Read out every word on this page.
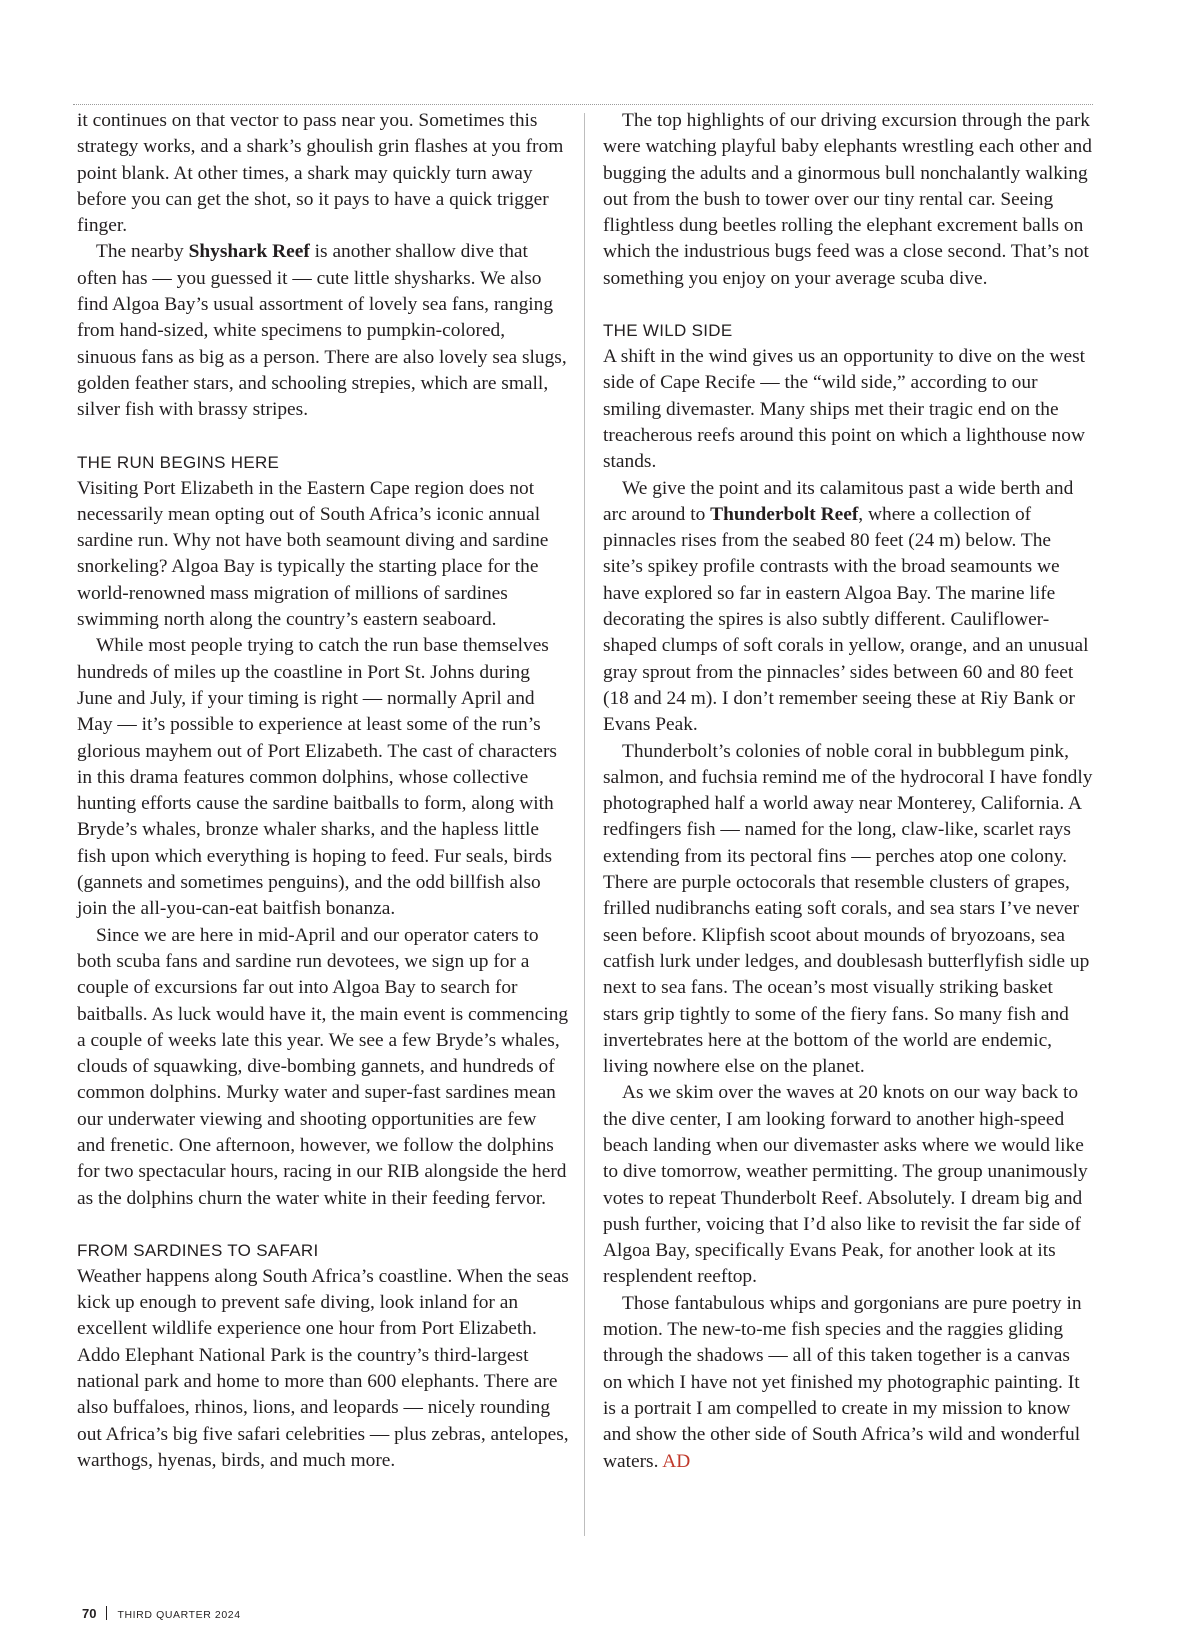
it continues on that vector to pass near you. Sometimes this strategy works, and a shark’s ghoulish grin flashes at you from point blank. At other times, a shark may quickly turn away before you can get the shot, so it pays to have a quick trigger finger.

The nearby Shyshark Reef is another shallow dive that often has — you guessed it — cute little shysharks. We also find Algoa Bay’s usual assortment of lovely sea fans, ranging from hand-sized, white specimens to pumpkin-colored, sinuous fans as big as a person. There are also lovely sea slugs, golden feather stars, and schooling strepies, which are small, silver fish with brassy stripes.

THE RUN BEGINS HERE

Visiting Port Elizabeth in the Eastern Cape region does not necessarily mean opting out of South Africa’s iconic annual sardine run. Why not have both seamount diving and sardine snorkeling? Algoa Bay is typically the starting place for the world-renowned mass migration of millions of sardines swimming north along the country’s eastern seaboard.

While most people trying to catch the run base themselves hundreds of miles up the coastline in Port St. Johns during June and July, if your timing is right — normally April and May — it’s possible to experience at least some of the run’s glorious mayhem out of Port Elizabeth. The cast of characters in this drama features common dolphins, whose collective hunting efforts cause the sardine baitballs to form, along with Bryde’s whales, bronze whaler sharks, and the hapless little fish upon which everything is hoping to feed. Fur seals, birds (gannets and sometimes penguins), and the odd billfish also join the all-you-can-eat baitfish bonanza.

Since we are here in mid-April and our operator caters to both scuba fans and sardine run devotees, we sign up for a couple of excursions far out into Algoa Bay to search for baitballs. As luck would have it, the main event is commencing a couple of weeks late this year. We see a few Bryde’s whales, clouds of squawking, dive-bombing gannets, and hundreds of common dolphins. Murky water and super-fast sardines mean our underwater viewing and shooting opportunities are few and frenetic. One afternoon, however, we follow the dolphins for two spectacular hours, racing in our RIB alongside the herd as the dolphins churn the water white in their feeding fervor.

FROM SARDINES TO SAFARI

Weather happens along South Africa’s coastline. When the seas kick up enough to prevent safe diving, look inland for an excellent wildlife experience one hour from Port Elizabeth. Addo Elephant National Park is the country’s third-largest national park and home to more than 600 elephants. There are also buffaloes, rhinos, lions, and leopards — nicely rounding out Africa’s big five safari celebrities — plus zebras, antelopes, warthogs, hyenas, birds, and much more.

The top highlights of our driving excursion through the park were watching playful baby elephants wrestling each other and bugging the adults and a ginormous bull nonchalantly walking out from the bush to tower over our tiny rental car. Seeing flightless dung beetles rolling the elephant excrement balls on which the industrious bugs feed was a close second. That’s not something you enjoy on your average scuba dive.

THE WILD SIDE

A shift in the wind gives us an opportunity to dive on the west side of Cape Recife — the “wild side,” according to our smiling divemaster. Many ships met their tragic end on the treacherous reefs around this point on which a lighthouse now stands.

We give the point and its calamitous past a wide berth and arc around to Thunderbolt Reef, where a collection of pinnacles rises from the seabed 80 feet (24 m) below. The site’s spikey profile contrasts with the broad seamounts we have explored so far in eastern Algoa Bay. The marine life decorating the spires is also subtly different. Cauliflower-shaped clumps of soft corals in yellow, orange, and an unusual gray sprout from the pinnacles’ sides between 60 and 80 feet (18 and 24 m). I don’t remember seeing these at Riy Bank or Evans Peak.

Thunderbolt’s colonies of noble coral in bubblegum pink, salmon, and fuchsia remind me of the hydrocoral I have fondly photographed half a world away near Monterey, California. A redfingers fish — named for the long, claw-like, scarlet rays extending from its pectoral fins — perches atop one colony. There are purple octocorals that resemble clusters of grapes, frilled nudibranchs eating soft corals, and sea stars I’ve never seen before. Klipfish scoot about mounds of bryozoans, sea catfish lurk under ledges, and doublesash butterflyfish sidle up next to sea fans. The ocean’s most visually striking basket stars grip tightly to some of the fiery fans. So many fish and invertebrates here at the bottom of the world are endemic, living nowhere else on the planet.

As we skim over the waves at 20 knots on our way back to the dive center, I am looking forward to another high-speed beach landing when our divemaster asks where we would like to dive tomorrow, weather permitting. The group unanimously votes to repeat Thunderbolt Reef. Absolutely. I dream big and push further, voicing that I’d also like to revisit the far side of Algoa Bay, specifically Evans Peak, for another look at its resplendent reeftop.

Those fantabulous whips and gorgonians are pure poetry in motion. The new-to-me fish species and the raggies gliding through the shadows — all of this taken together is a canvas on which I have not yet finished my photographic painting. It is a portrait I am compelled to create in my mission to know and show the other side of South Africa’s wild and wonderful waters. AD

70 THIRD QUARTER 2024
